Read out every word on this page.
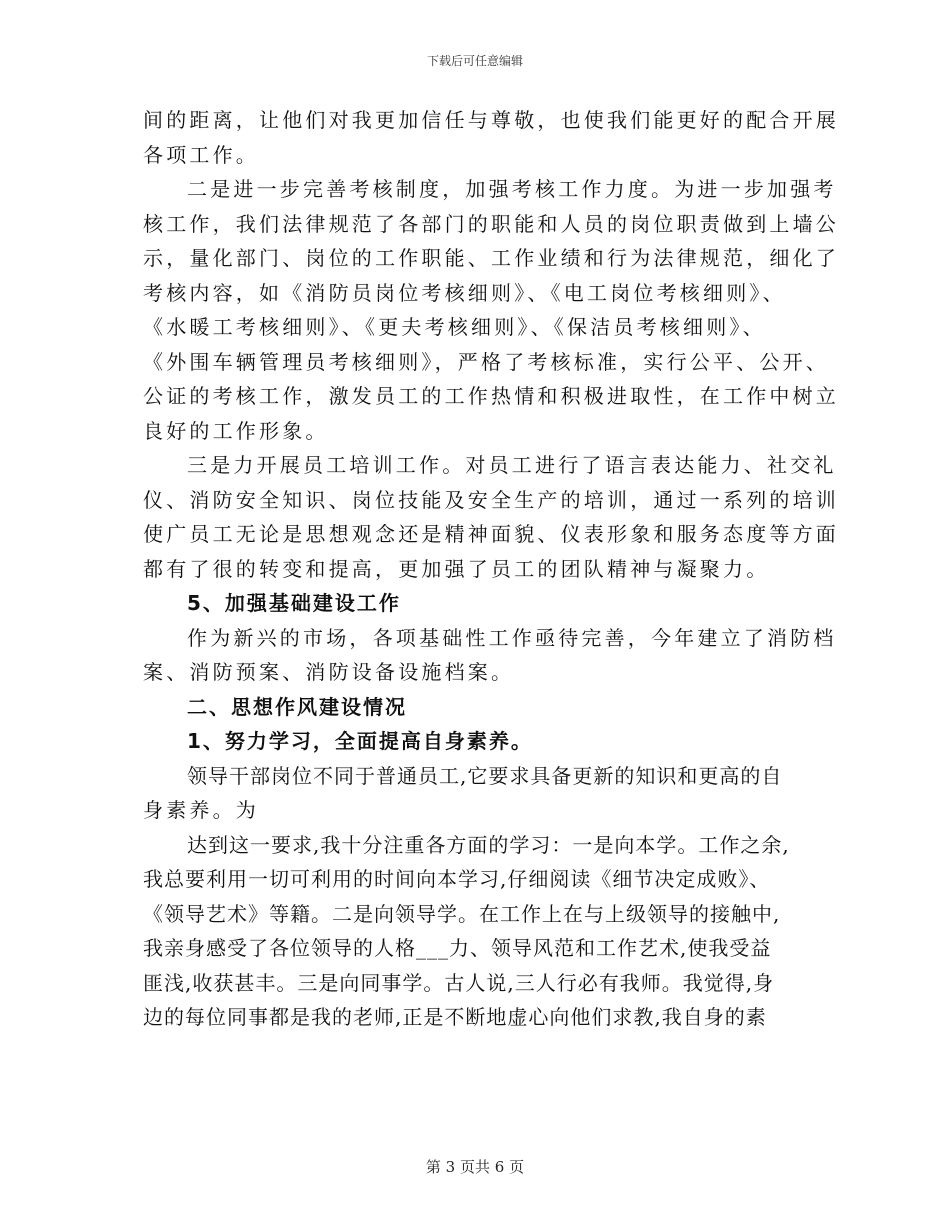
下载后可任意编辑
间的距离，让他们对我更加信任与尊敬，也使我们能更好的配合开展
各项工作。
二是进一步完善考核制度，加强考核工作力度。为进一步加强考
核工作，我们法律规范了各部门的职能和人员的岗位职责做到上墙公
示，量化部门、岗位的工作职能、工作业绩和行为法律规范，细化了
考核内容，如《消防员岗位考核细则》、《电工岗位考核细则》、
《水暖工考核细则》、《更夫考核细则》、《保洁员考核细则》、
《外围车辆管理员考核细则》，严格了考核标准，实行公平、公开、
公证的考核工作，激发员工的工作热情和积极进取性，在工作中树立
良好的工作形象。
三是力开展员工培训工作。对员工进行了语言表达能力、社交礼
仪、消防安全知识、岗位技能及安全生产的培训，通过一系列的培训
使广员工无论是思想观念还是精神面貌、仪表形象和服务态度等方面
都有了很的转变和提高，更加强了员工的团队精神与凝聚力。
5、加强基础建设工作
作为新兴的市场，各项基础性工作亟待完善，今年建立了消防档
案、消防预案、消防设备设施档案。
二、思想作风建设情况
1、努力学习，全面提高自身素养。
领导干部岗位不同于普通员工,它要求具备更新的知识和更高的自
身素养。为
达到这一要求,我十分注重各方面的学习：一是向本学。工作之余,
我总要利用一切可利用的时间向本学习,仔细阅读《细节决定成败》、
《领导艺术》等籍。二是向领导学。在工作上在与上级领导的接触中,
我亲身感受了各位领导的人格___力、领导风范和工作艺术,使我受益
匪浅,收获甚丰。三是向同事学。古人说,三人行必有我师。我觉得,身
边的每位同事都是我的老师,正是不断地虚心向他们求教,我自身的素
第 3 页共 6 页
